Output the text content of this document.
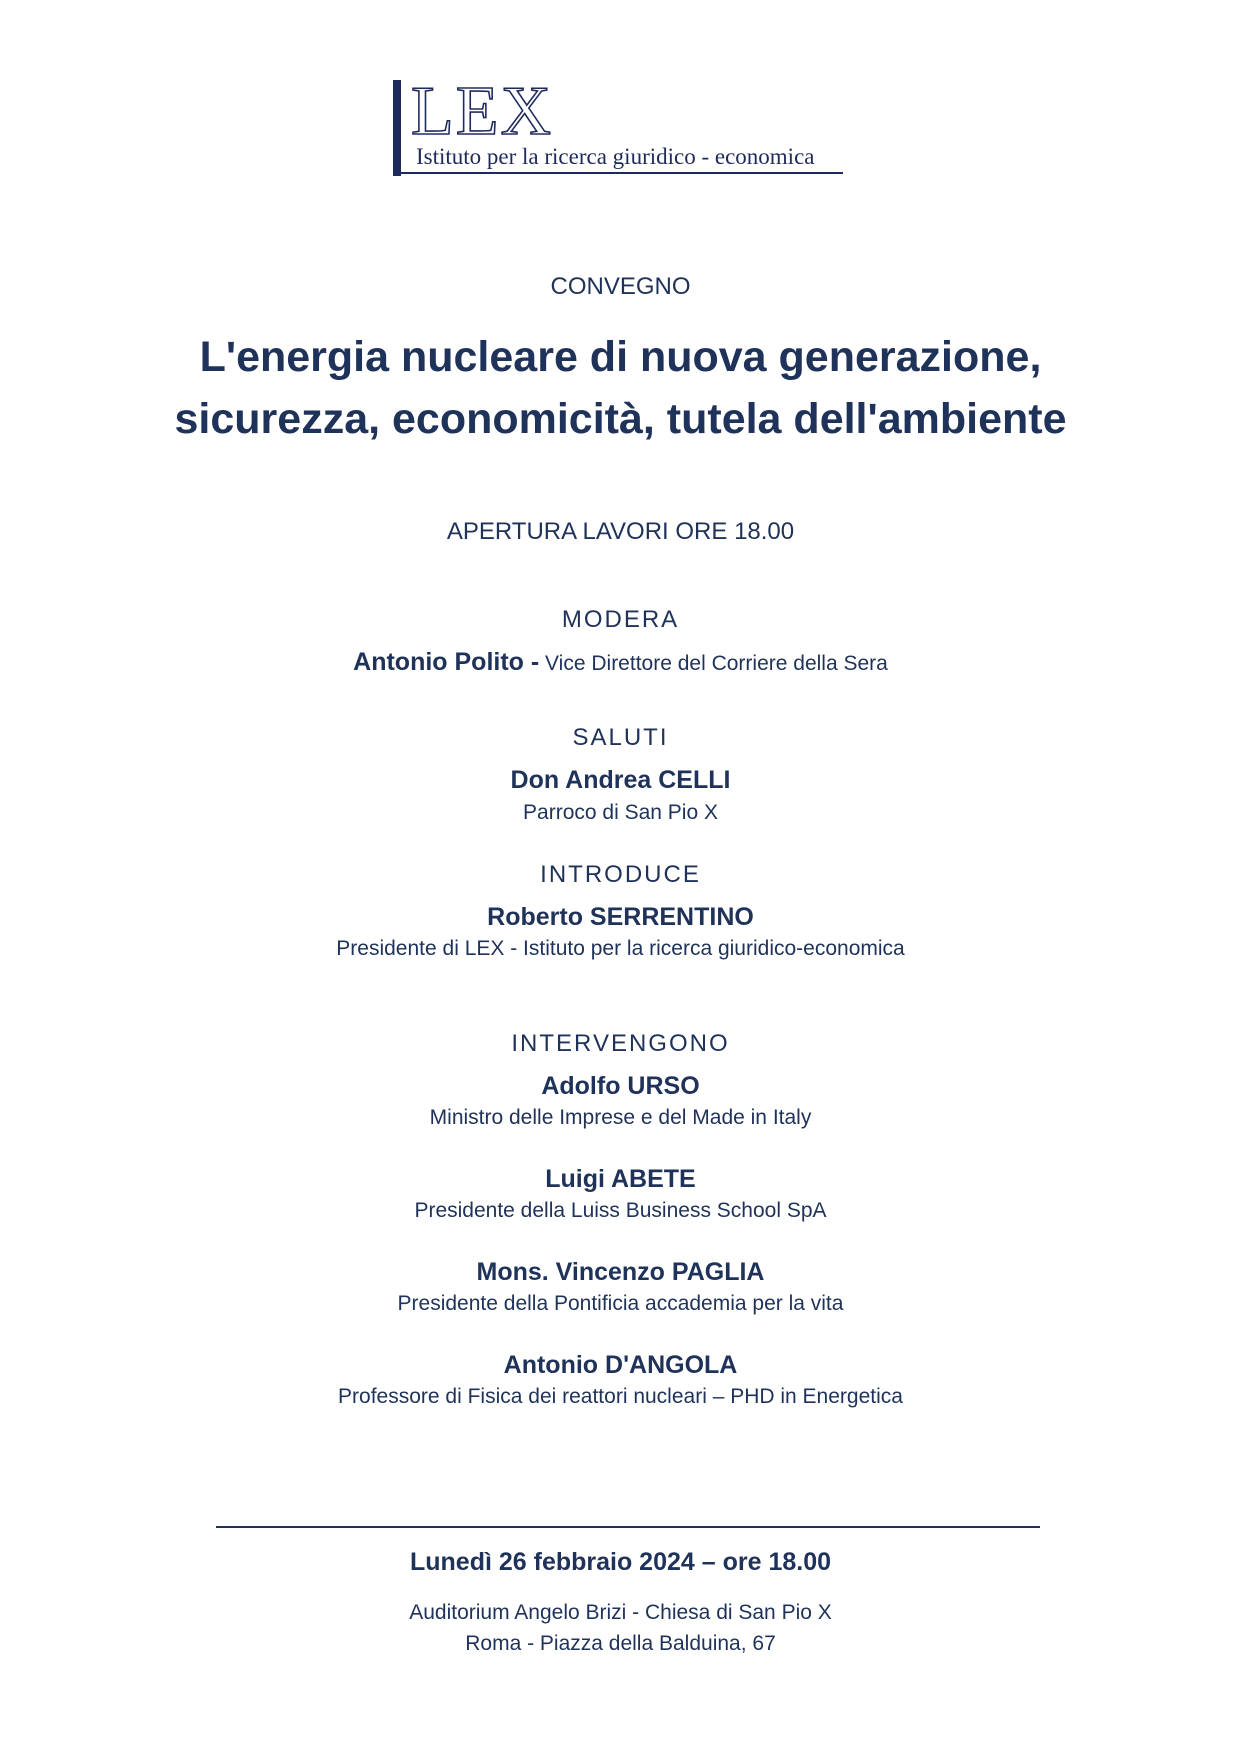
LEX
Istituto per la ricerca giuridico - economica
CONVEGNO
L'energia nucleare di nuova generazione,
sicurezza, economicità, tutela dell'ambiente
APERTURA LAVORI ORE 18.00
MODERA
Antonio Polito - Vice Direttore del Corriere della Sera
SALUTI
Don Andrea CELLI
Parroco di San Pio X
INTRODUCE
Roberto SERRENTINO
Presidente di LEX - Istituto per la ricerca giuridico-economica
INTERVENGONO
Adolfo URSO
Ministro delle Imprese e del Made in Italy
Luigi ABETE
Presidente della Luiss Business School SpA
Mons. Vincenzo PAGLIA
Presidente della Pontificia accademia per la vita
Antonio D'ANGOLA
Professore di Fisica dei reattori nucleari – PHD in Energetica
Lunedì 26 febbraio 2024 – ore 18.00
Auditorium Angelo Brizi - Chiesa di San Pio X
Roma - Piazza della Balduina, 67
